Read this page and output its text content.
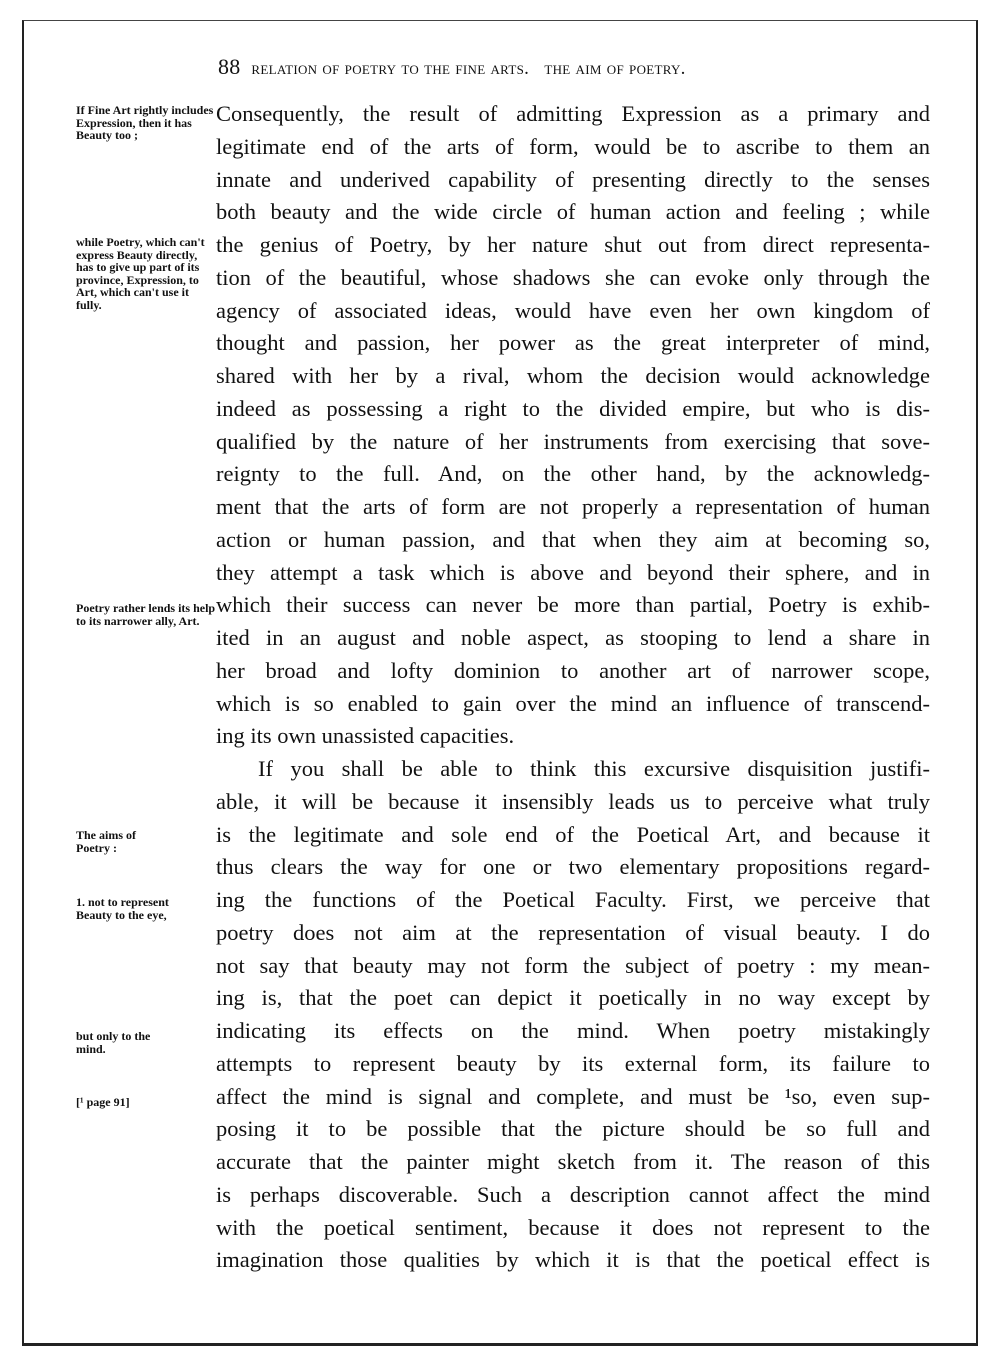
88 relation of poetry to the fine arts.   the aim of poetry.
If Fine Art rightly includes Expression, then it has Beauty too ;
while Poetry, which can't express Beauty directly, has to give up part of its province, Expression, to Art, which can't use it fully.
Poetry rather lends its help to its narrower ally, Art.
The aims of Poetry :
1. not to represent Beauty to the eye,
but only to the mind.
[¹ page 91]
Consequently, the result of admitting Expression as a primary and
legitimate end of the arts of form, would be to ascribe to them an
innate and underived capability of presenting directly to the senses
both beauty and the wide circle of human action and feeling ; while
the genius of Poetry, by her nature shut out from direct representa-
tion of the beautiful, whose shadows she can evoke only through the
agency of associated ideas, would have even her own kingdom of
thought and passion, her power as the great interpreter of mind,
shared with her by a rival, whom the decision would acknowledge
indeed as possessing a right to the divided empire, but who is dis-
qualified by the nature of her instruments from exercising that sove-
reignty to the full. And, on the other hand, by the acknowledg-
ment that the arts of form are not properly a representation of human
action or human passion, and that when they aim at becoming so,
they attempt a task which is above and beyond their sphere, and in
which their success can never be more than partial, Poetry is exhib-
ited in an august and noble aspect, as stooping to lend a share in
her broad and lofty dominion to another art of narrower scope,
which is so enabled to gain over the mind an influence of transcend-
ing its own unassisted capacities.
If you shall be able to think this excursive disquisition justifi-
able, it will be because it insensibly leads us to perceive what truly
is the legitimate and sole end of the Poetical Art, and because it
thus clears the way for one or two elementary propositions regard-
ing the functions of the Poetical Faculty. First, we perceive that
poetry does not aim at the representation of visual beauty. I do
not say that beauty may not form the subject of poetry : my mean-
ing is, that the poet can depict it poetically in no way except by
indicating its effects on the mind. When poetry mistakingly
attempts to represent beauty by its external form, its failure to
affect the mind is signal and complete, and must be ¹so, even sup-
posing it to be possible that the picture should be so full and
accurate that the painter might sketch from it. The reason of this
is perhaps discoverable. Such a description cannot affect the mind
with the poetical sentiment, because it does not represent to the
imagination those qualities by which it is that the poetical effect is
